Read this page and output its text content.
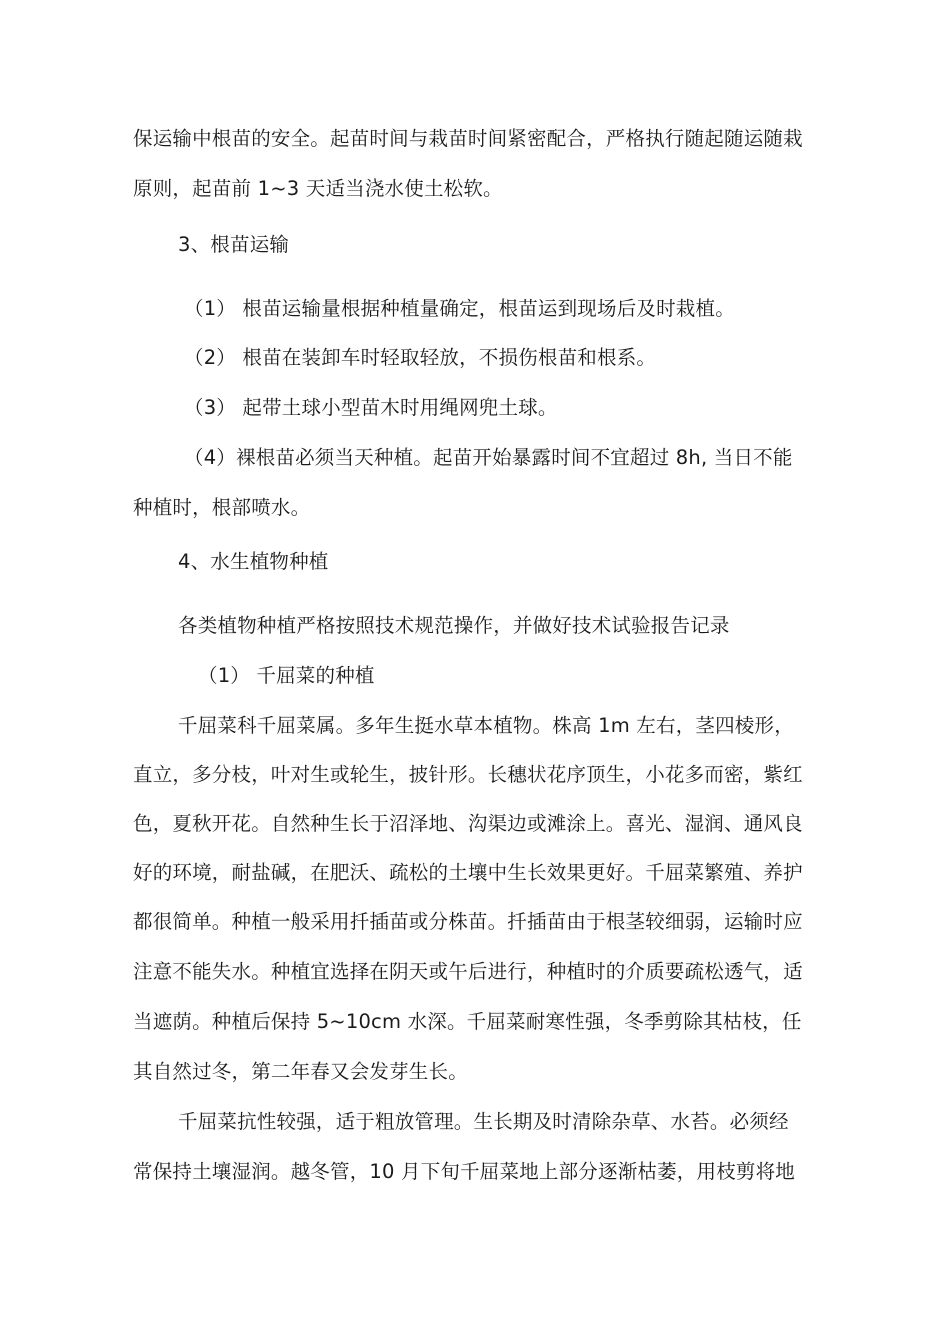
保运输中根苗的安全。起苗时间与栽苗时间紧密配合，严格执行随起随运随栽
原则，起苗前 1~3 天适当浇水使土松软。
3、根苗运输
（1） 根苗运输量根据种植量确定，根苗运到现场后及时栽植。
（2） 根苗在装卸车时轻取轻放，不损伤根苗和根系。
（3） 起带土球小型苗木时用绳网兜土球。
（4）裸根苗必须当天种植。起苗开始暴露时间不宜超过 8h, 当日不能
种植时，根部喷水。
4、水生植物种植
各类植物种植严格按照技术规范操作，并做好技术试验报告记录
（1） 千屈菜的种植
千屈菜科千屈菜属。多年生挺水草本植物。株高 1m 左右，茎四棱形，
直立，多分枝，叶对生或轮生，披针形。长穗状花序顶生，小花多而密，紫红
色，夏秋开花。自然种生长于沼泽地、沟渠边或滩涂上。喜光、湿润、通风良
好的环境，耐盐碱，在肥沃、疏松的土壤中生长效果更好。千屈菜繁殖、养护
都很简单。种植一般采用扦插苗或分株苗。扦插苗由于根茎较细弱，运输时应
注意不能失水。种植宜选择在阴天或午后进行，种植时的介质要疏松透气，适
当遮荫。种植后保持 5~10cm 水深。千屈菜耐寒性强，冬季剪除其枯枝，任
其自然过冬，第二年春又会发芽生长。
千屈菜抗性较强，适于粗放管理。生长期及时清除杂草、水苔。必须经
常保持土壤湿润。越冬管，10 月下旬千屈菜地上部分逐渐枯萎，用枝剪将地
